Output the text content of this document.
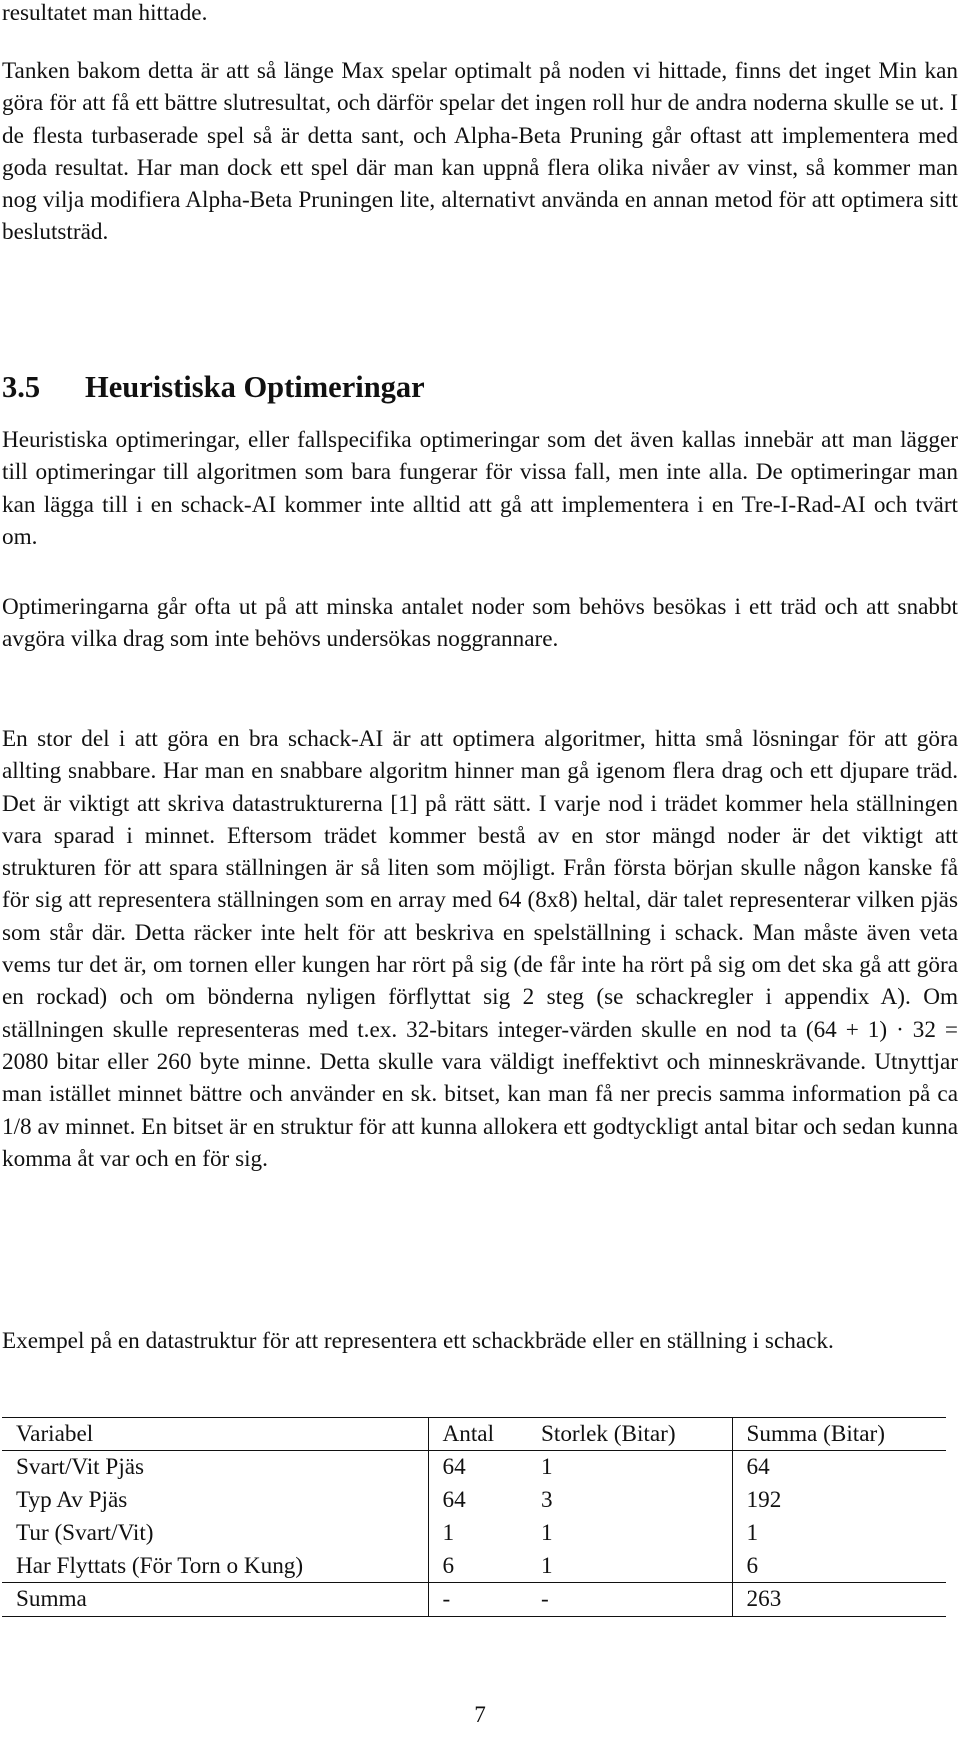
resultatet man hittade.

Tanken bakom detta är att så länge Max spelar optimalt på noden vi hittade, finns det inget Min kan göra för att få ett bättre slutresultat, och därför spelar det ingen roll hur de andra noderna skulle se ut. I de flesta turbaserade spel så är detta sant, och Alpha-Beta Pruning går oftast att implementera med goda resultat. Har man dock ett spel där man kan uppnå flera olika nivåer av vinst, så kommer man nog vilja modifiera Alpha-Beta Pruningen lite, alternativt använda en annan metod för att optimera sitt beslutsträd.

3.5 Heuristiska Optimeringar

Heuristiska optimeringar, eller fallspecifika optimeringar som det även kallas innebär att man lägger till optimeringar till algoritmen som bara fungerar för vissa fall, men inte alla. De optimeringar man kan lägga till i en schack-AI kommer inte alltid att gå att implementera i en Tre-I-Rad-AI och tvärt om.

Optimeringarna går ofta ut på att minska antalet noder som behövs besökas i ett träd och att snabbt avgöra vilka drag som inte behövs undersökas noggrannare.

En stor del i att göra en bra schack-AI är att optimera algoritmer, hitta små lösningar för att göra allting snabbare. Har man en snabbare algoritm hinner man gå igenom flera drag och ett djupare träd. Det är viktigt att skriva datastrukturerna [1] på rätt sätt. I varje nod i trädet kommer hela ställningen vara sparad i minnet. Eftersom trädet kommer bestå av en stor mängd noder är det viktigt att strukturen för att spara ställningen är så liten som möjligt. Från första början skulle någon kanske få för sig att representera ställningen som en array med 64 (8x8) heltal, där talet representerar vilken pjäs som står där. Detta räcker inte helt för att beskriva en spelställning i schack. Man måste även veta vems tur det är, om tornen eller kungen har rört på sig (de får inte ha rört på sig om det ska gå att göra en rockad) och om bönderna nyligen förflyttat sig 2 steg (se schackregler i appendix A). Om ställningen skulle representeras med t.ex. 32-bitars integer-värden skulle en nod ta (64 + 1) · 32 = 2080 bitar eller 260 byte minne. Detta skulle vara väldigt ineffektivt och minneskrävande. Utnyttjar man istället minnet bättre och använder en sk. bitset, kan man få ner precis samma information på ca 1/8 av minnet. En bitset är en struktur för att kunna allokera ett godtyckligt antal bitar och sedan kunna komma åt var och en för sig.

Exempel på en datastruktur för att representera ett schackbräde eller en ställning i schack.

Variabel	Antal	Storlek (Bitar)	Summa (Bitar)
Svart/Vit Pjäs	64	1	64
Typ Av Pjäs	64	3	192
Tur (Svart/Vit)	1	1	1
Har Flyttats (För Torn o Kung)	6	1	6
Summa	-	-	263
7
